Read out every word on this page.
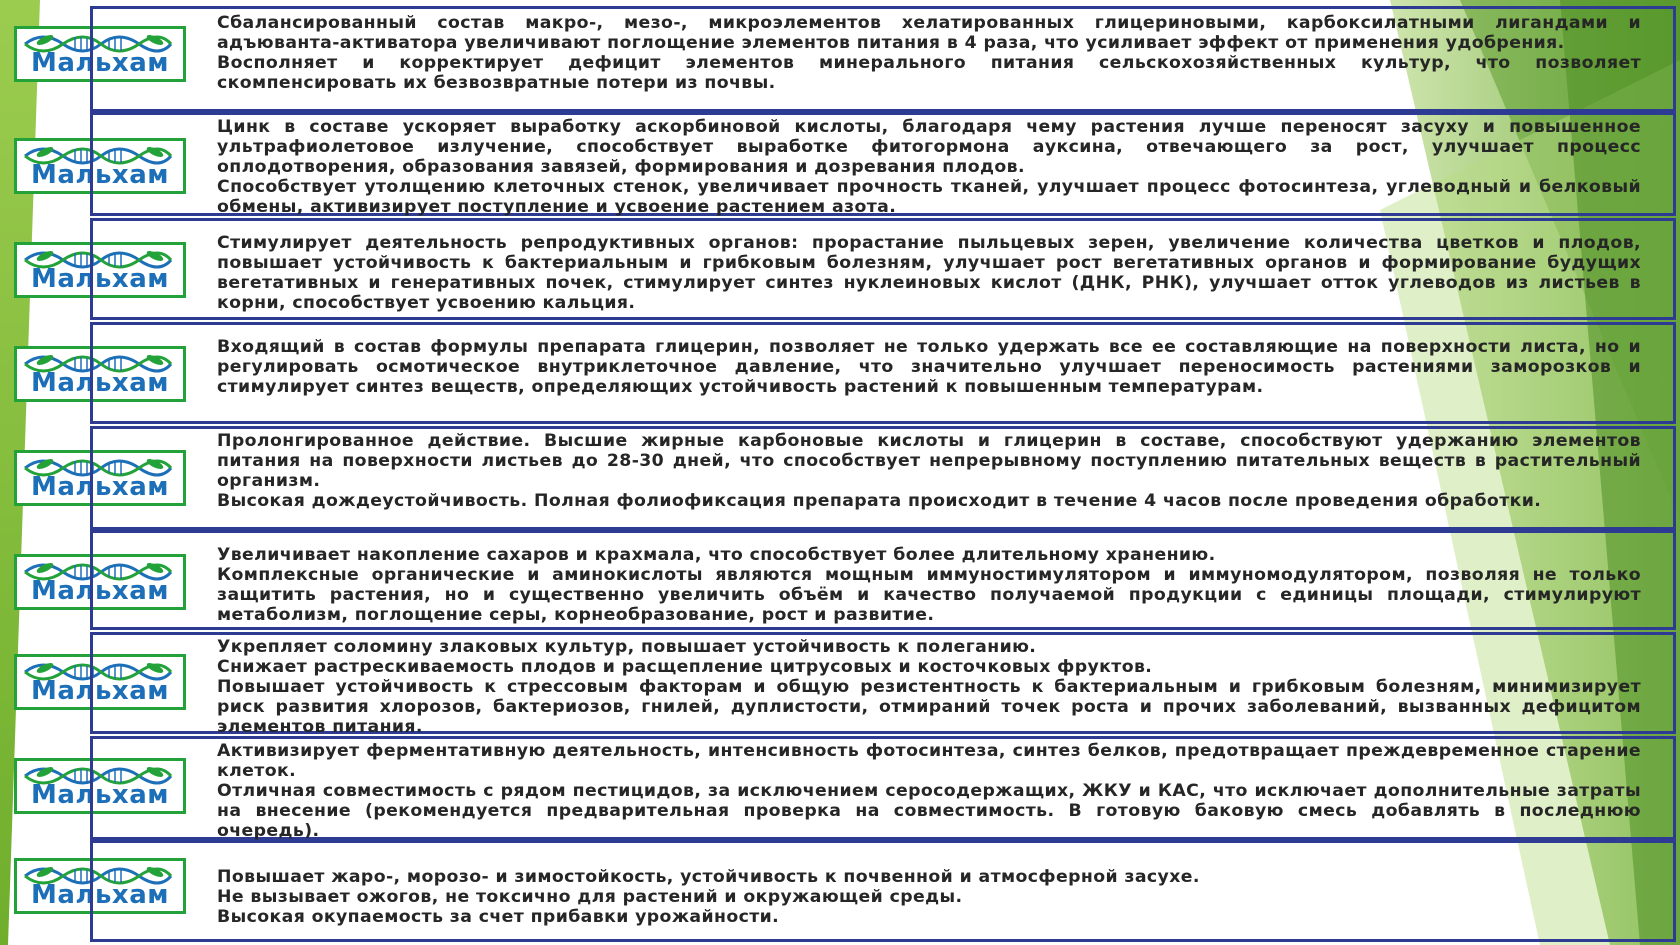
Мальхам
Мальхам
Мальхам
Мальхам
Мальхам
Мальхам
Мальхам
Мальхам
Мальхам

Сбалансированный состав макро-, мезо-, микроэлементов хелатированных глицериновыми, карбоксилатными лигандами и адъюванта-активатора увеличивают поглощение элементов питания в 4 раза, что усиливает эффект от применения удобрения.

Восполняет и корректирует дефицит элементов минерального питания сельскохозяйственных культур, что позволяет скомпенсировать их безвозвратные потери из почвы.

Цинк в составе ускоряет выработку аскорбиновой кислоты, благодаря чему растения лучше переносят засуху и повышенное ультрафиолетовое излучение, способствует выработке фитогормона ауксина, отвечающего за рост, улучшает процесс оплодотворения, образования завязей, формирования и дозревания плодов.

Способствует утолщению клеточных стенок, увеличивает прочность тканей, улучшает процесс фотосинтеза, углеводный и белковый обмены, активизирует поступление и усвоение растением азота.

Стимулирует деятельность репродуктивных органов: прорастание пыльцевых зерен, увеличение количества цветков и плодов, повышает устойчивость к бактериальным и грибковым болезням, улучшает рост вегетативных органов и формирование будущих вегетативных и генеративных почек, стимулирует синтез нуклеиновых кислот (ДНК, РНК), улучшает отток углеводов из листьев в корни, способствует усвоению кальция.

Входящий в состав формулы препарата глицерин, позволяет не только удержать все ее составляющие на поверхности листа, но и регулировать осмотическое внутриклеточное давление, что значительно улучшает переносимость растениями заморозков и стимулирует синтез веществ, определяющих устойчивость растений к повышенным температурам.

Пролонгированное действие. Высшие жирные карбоновые кислоты и глицерин в составе, способствуют удержанию элементов питания на поверхности листьев до 28-30 дней, что способствует непрерывному поступлению питательных веществ в растительный организм.

Высокая дождеустойчивость. Полная фолиофиксация препарата происходит в течение 4 часов после проведения обработки.

Увеличивает накопление сахаров и крахмала, что способствует более длительному хранению.

Комплексные органические и аминокислоты являются мощным иммуностимулятором и иммуномодулятором, позволяя не только защитить растения, но и существенно увеличить объём и качество получаемой продукции с единицы площади, стимулируют метаболизм, поглощение серы, корнеобразование, рост и развитие.

Укрепляет соломину злаковых культур, повышает устойчивость к полеганию.

Снижает растрескиваемость плодов и расщепление цитрусовых и косточковых фруктов.

Повышает устойчивость к стрессовым факторам и общую резистентность к бактериальным и грибковым болезням, минимизирует риск развития хлорозов, бактериозов, гнилей, дуплистости, отмираний точек роста и прочих заболеваний, вызванных дефицитом элементов питания.

Активизирует ферментативную деятельность, интенсивность фотосинтеза, синтез белков, предотвращает преждевременное старение клеток.

Отличная совместимость с рядом пестицидов, за исключением серосодержащих, ЖКУ и КАС, что исключает дополнительные затраты на внесение (рекомендуется предварительная проверка на совместимость. В готовую баковую смесь добавлять в последнюю очередь).

Повышает жаро-, морозо- и зимостойкость, устойчивость к почвенной и атмосферной засухе.

Не вызывает ожогов, не токсично для растений и окружающей среды.

Высокая окупаемость за счет прибавки урожайности.
